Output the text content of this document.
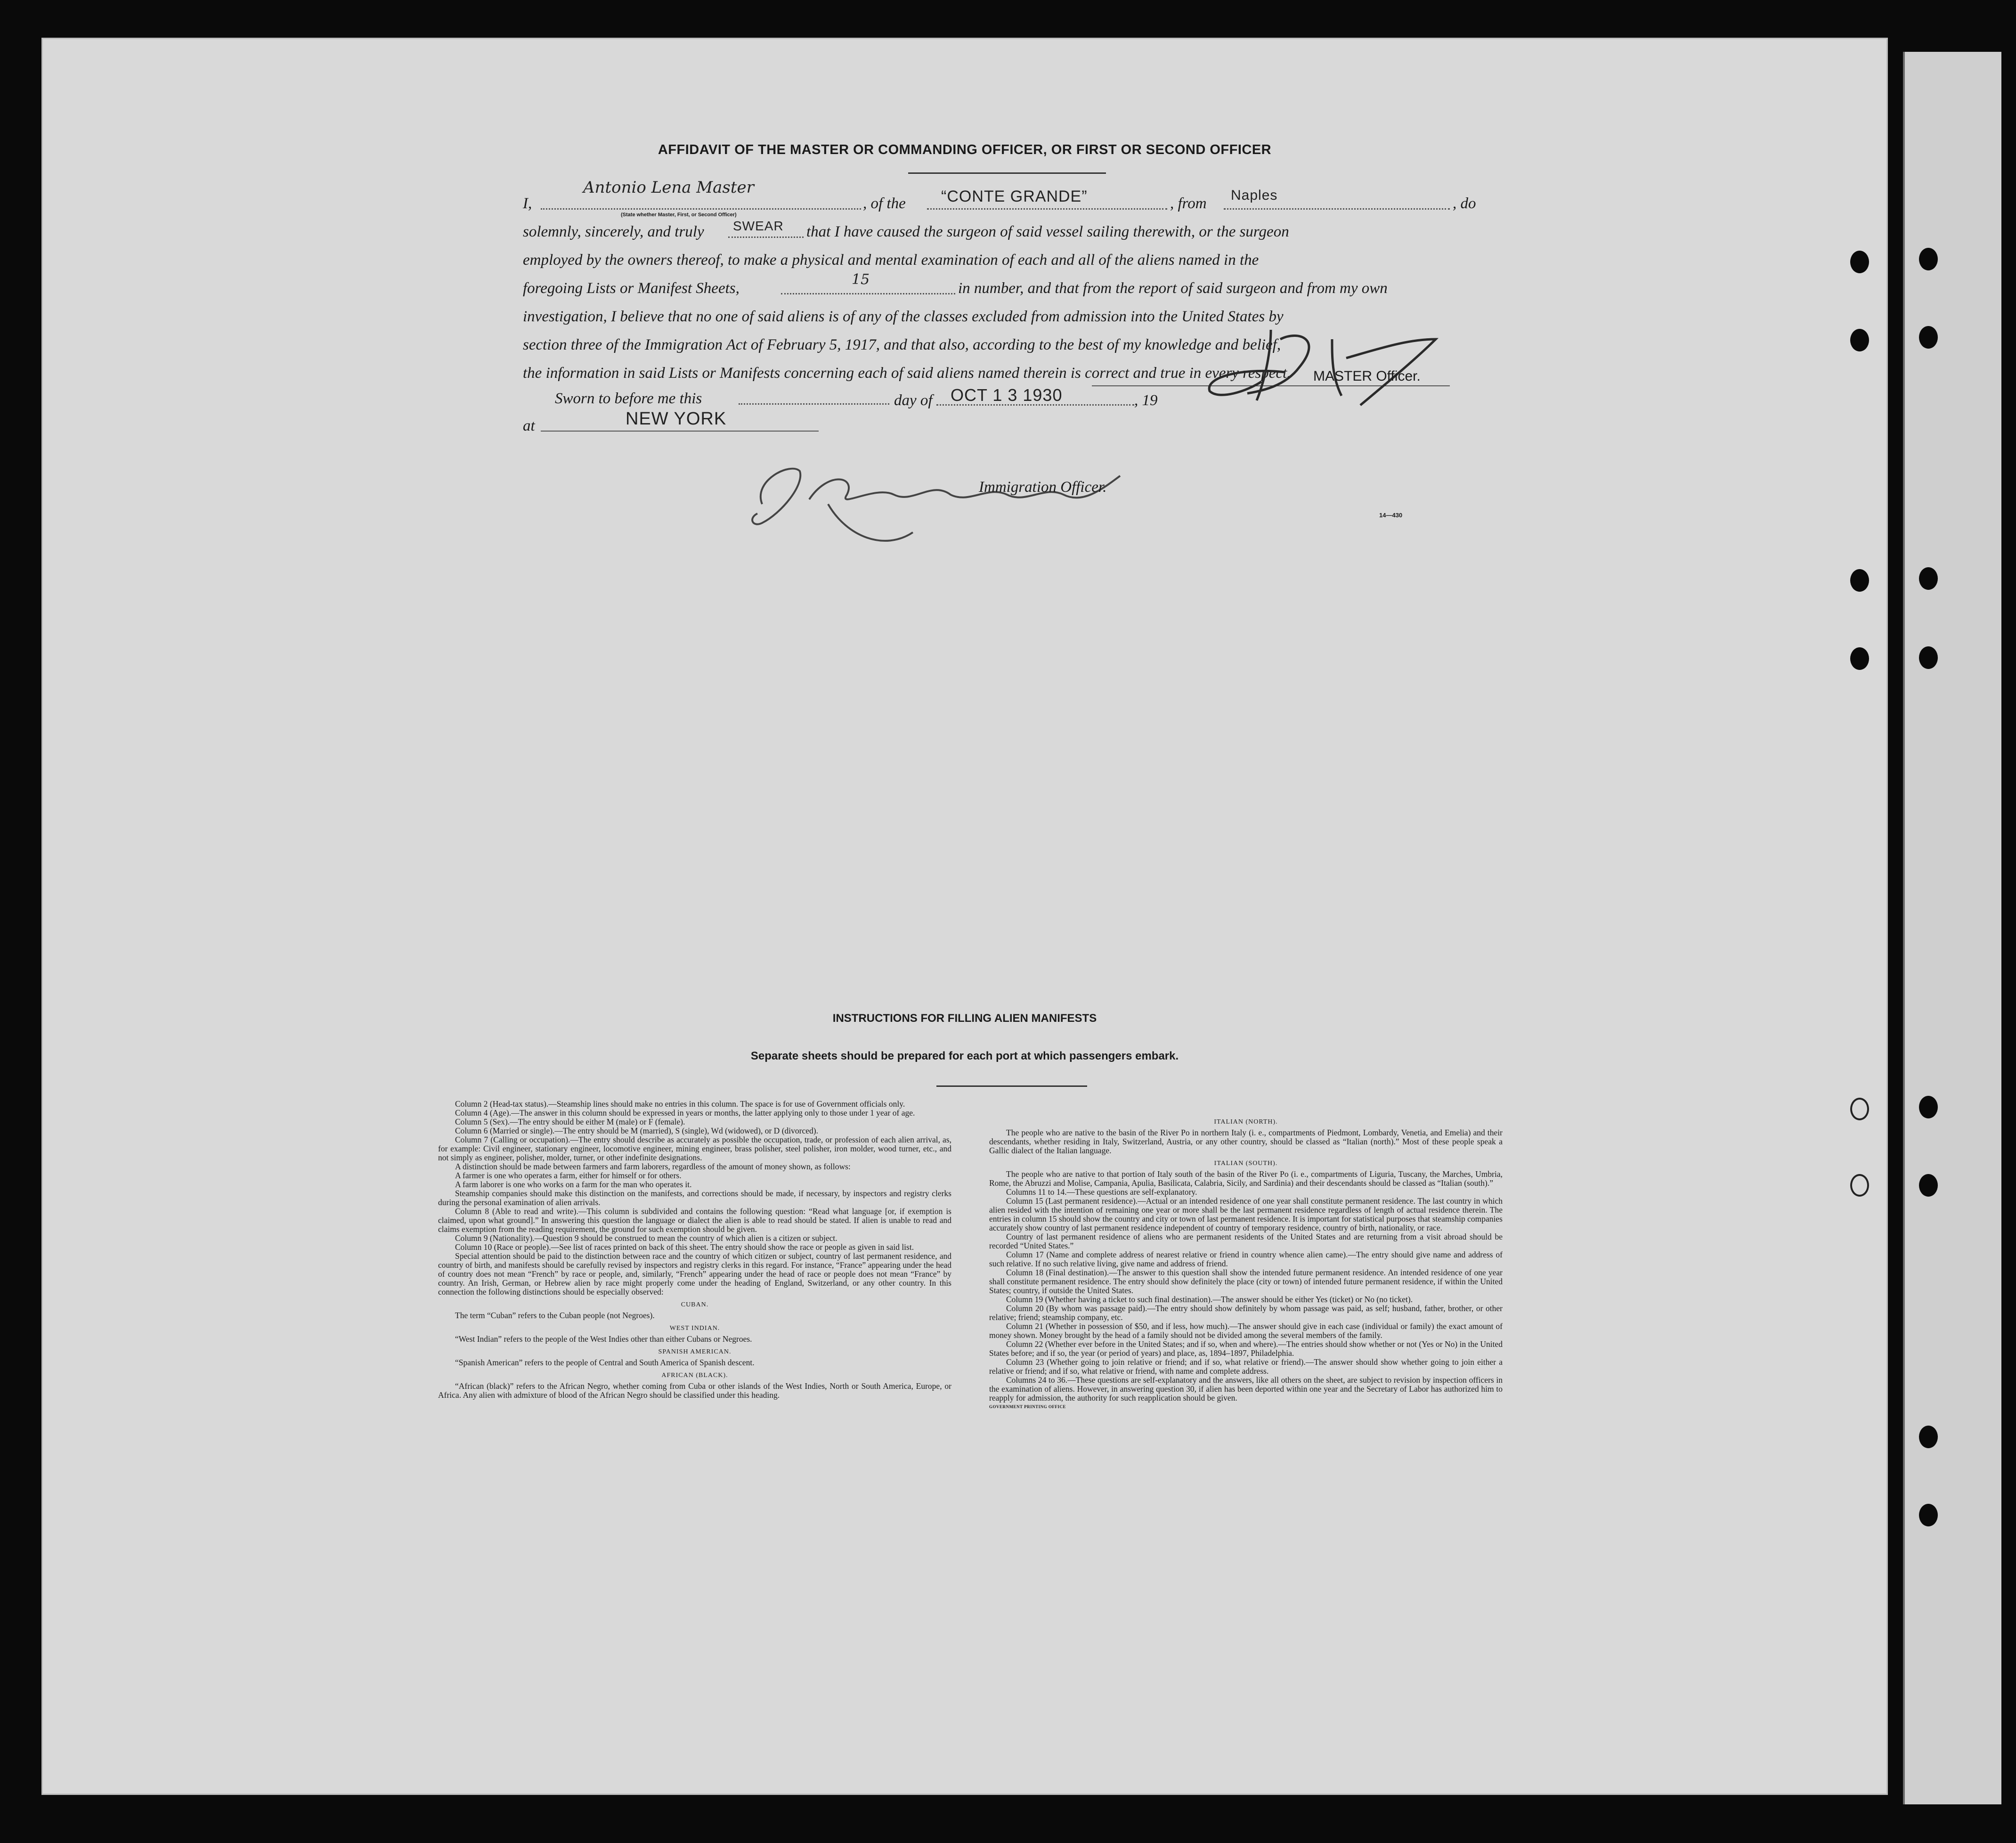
AFFIDAVIT OF THE MASTER OR COMMANDING OFFICER, OR FIRST OR SECOND OFFICER
I,
Antonio Lena Master
(State whether Master, First, or Second Officer)
, of the “CONTE GRANDE”	, from Naples	, do
solemnly, sincerely, and truly SWEAR that I have caused the surgeon of said vessel sailing therewith, or the surgeon
employed by the owners thereof, to make a physical and mental examination of each and all of the aliens named in the
foregoing Lists or Manifest Sheets,
15
in number, and that from the report of said surgeon and from my own
investigation, I believe that no one of said aliens is of any of the classes excluded from admission into the United States by
section three of the Immigration Act of February 5, 1917, and that also, according to the best of my knowledge and belief,
the information in said Lists or Manifests concerning each of said aliens named therein is correct and true in every respect. MASTER Officer.
Sworn to before me this	day of OCT 1 3 1930	, 19
at	NEW YORK
Immigration Officer.
14—430
INSTRUCTIONS FOR FILLING ALIEN MANIFESTS
Separate sheets should be prepared for each port at which passengers embark.

Column 2 (Head-tax status).—Steamship lines should make no entries in this column. The space is for use of Government officials only.

Column 4 (Age).—The answer in this column should be expressed in years or months, the latter applying only to those under 1 year of age.

Column 5 (Sex).—The entry should be either M (male) or F (female).

Column 6 (Married or single).—The entry should be M (married), S (single), Wd (widowed), or D (divorced).

Column 7 (Calling or occupation).—The entry should describe as accurately as possible the occupation, trade, or profession of each alien arrival, as, for example: Civil engineer, stationary engineer, locomotive engineer, mining engineer, brass polisher, steel polisher, iron molder, wood turner, etc., and not simply as engineer, polisher, molder, turner, or other indefinite designations.

A distinction should be made between farmers and farm laborers, regardless of the amount of money shown, as follows:

A farmer is one who operates a farm, either for himself or for others.

A farm laborer is one who works on a farm for the man who operates it.

Steamship companies should make this distinction on the manifests, and corrections should be made, if necessary, by inspectors and registry clerks during the personal examination of alien arrivals.

Column 8 (Able to read and write).—This column is subdivided and contains the following question: “Read what language [or, if exemption is claimed, upon what ground].” In answering this question the language or dialect the alien is able to read should be stated. If alien is unable to read and claims exemption from the reading requirement, the ground for such exemption should be given.

Column 9 (Nationality).—Question 9 should be construed to mean the country of which alien is a citizen or subject.

Column 10 (Race or people).—See list of races printed on back of this sheet. The entry should show the race or people as given in said list.

Special attention should be paid to the distinction between race and the country of which citizen or subject, country of last permanent residence, and country of birth, and manifests should be carefully revised by inspectors and registry clerks in this regard. For instance, “France” appearing under the head of country does not mean “French” by race or people, and, similarly, “French” appearing under the head of race or people does not mean “France” by country. An Irish, German, or Hebrew alien by race might properly come under the heading of England, Switzerland, or any other country. In this connection the following distinctions should be especially observed:

CUBAN.

The term “Cuban” refers to the Cuban people (not Negroes).

WEST INDIAN.

“West Indian” refers to the people of the West Indies other than either Cubans or Negroes.

SPANISH AMERICAN.

“Spanish American” refers to the people of Central and South America of Spanish descent.

AFRICAN (BLACK).

“African (black)” refers to the African Negro, whether coming from Cuba or other islands of the West Indies, North or South America, Europe, or Africa. Any alien with admixture of blood of the African Negro should be classified under this heading.

ITALIAN (NORTH).

The people who are native to the basin of the River Po in northern Italy (i. e., compartments of Piedmont, Lombardy, Venetia, and Emelia) and their descendants, whether residing in Italy, Switzerland, Austria, or any other country, should be classed as “Italian (north).” Most of these people speak a Gallic dialect of the Italian language.

ITALIAN (SOUTH).

The people who are native to that portion of Italy south of the basin of the River Po (i. e., compartments of Liguria, Tuscany, the Marches, Umbria, Rome, the Abruzzi and Molise, Campania, Apulia, Basilicata, Calabria, Sicily, and Sardinia) and their descendants should be classed as “Italian (south).”

Columns 11 to 14.—These questions are self-explanatory.

Column 15 (Last permanent residence).—Actual or an intended residence of one year shall constitute permanent residence. The last country in which alien resided with the intention of remaining one year or more shall be the last permanent residence regardless of length of actual residence therein. The entries in column 15 should show the country and city or town of last permanent residence. It is important for statistical purposes that steamship companies accurately show country of last permanent residence independent of country of temporary residence, country of birth, nationality, or race.

Country of last permanent residence of aliens who are permanent residents of the United States and are returning from a visit abroad should be recorded “United States.”

Column 17 (Name and complete address of nearest relative or friend in country whence alien came).—The entry should give name and address of such relative. If no such relative living, give name and address of friend.

Column 18 (Final destination).—The answer to this question shall show the intended future permanent residence. An intended residence of one year shall constitute permanent residence. The entry should show definitely the place (city or town) of intended future permanent residence, if within the United States; country, if outside the United States.

Column 19 (Whether having a ticket to such final destination).—The answer should be either Yes (ticket) or No (no ticket).

Column 20 (By whom was passage paid).—The entry should show definitely by whom passage was paid, as self; husband, father, brother, or other relative; friend; steamship company, etc.

Column 21 (Whether in possession of $50, and if less, how much).—The answer should give in each case (individual or family) the exact amount of money shown. Money brought by the head of a family should not be divided among the several members of the family.

Column 22 (Whether ever before in the United States; and if so, when and where).—The entries should show whether or not (Yes or No) in the United States before; and if so, the year (or period of years) and place, as, 1894–1897, Philadelphia.

Column 23 (Whether going to join relative or friend; and if so, what relative or friend).—The answer should show whether going to join either a relative or friend; and if so, what relative or friend, with name and complete address.

Columns 24 to 36.—These questions are self-explanatory and the answers, like all others on the sheet, are subject to revision by inspection officers in the examination of aliens. However, in answering question 30, if alien has been deported within one year and the Secretary of Labor has authorized him to reapply for admission, the authority for such reapplication should be given.

GOVERNMENT PRINTING OFFICE
